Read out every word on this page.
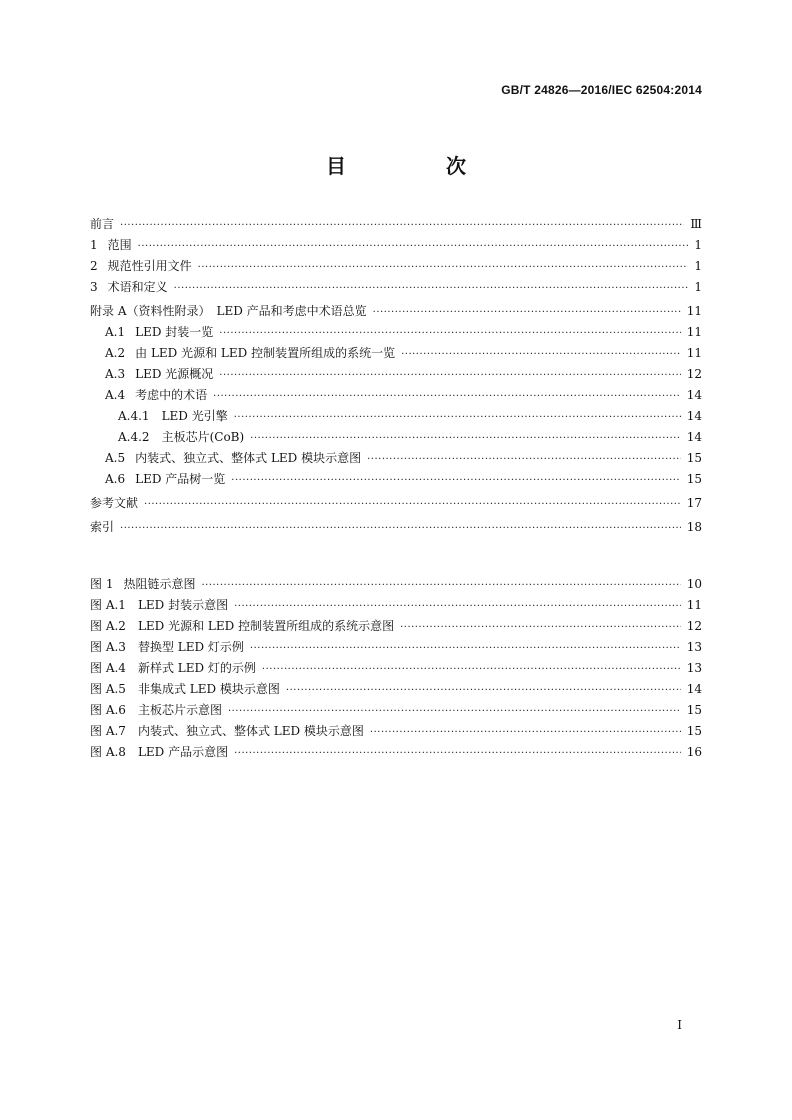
GB/T 24826—2016/IEC 62504:2014
目　次
前言 ·····	Ⅲ
1 范围 ·····	1
2 规范性引用文件 ·····	1
3 术语和定义 ·····	1
附录 A（资料性附录）　LED 产品和考虑中术语总览 ·····	11
A.1 LED 封装一览 ·····	11
A.2 由 LED 光源和 LED 控制装置所组成的系统一览 ·····	11
A.3 LED 光源概况 ·····	12
A.4 考虑中的术语 ·····	14
A.4.1 LED 光引擎 ·····	14
A.4.2 主板芯片(CoB) ·····	14
A.5 内装式、独立式、整体式 LED 模块示意图 ·····	15
A.6 LED 产品树一览 ·····	15
参考文献 ·····	17
索引 ·····	18
图 1 热阻链示意图 ·····	10
图 A.1 LED 封装示意图 ·····	11
图 A.2 LED 光源和 LED 控制装置所组成的系统示意图 ·····	12
图 A.3 替换型 LED 灯示例 ·····	13
图 A.4 新样式 LED 灯的示例 ·····	13
图 A.5 非集成式 LED 模块示意图 ·····	14
图 A.6 主板芯片示意图 ·····	15
图 A.7 内装式、独立式、整体式 LED 模块示意图 ·····	15
图 A.8 LED 产品示意图 ·····	16
I
